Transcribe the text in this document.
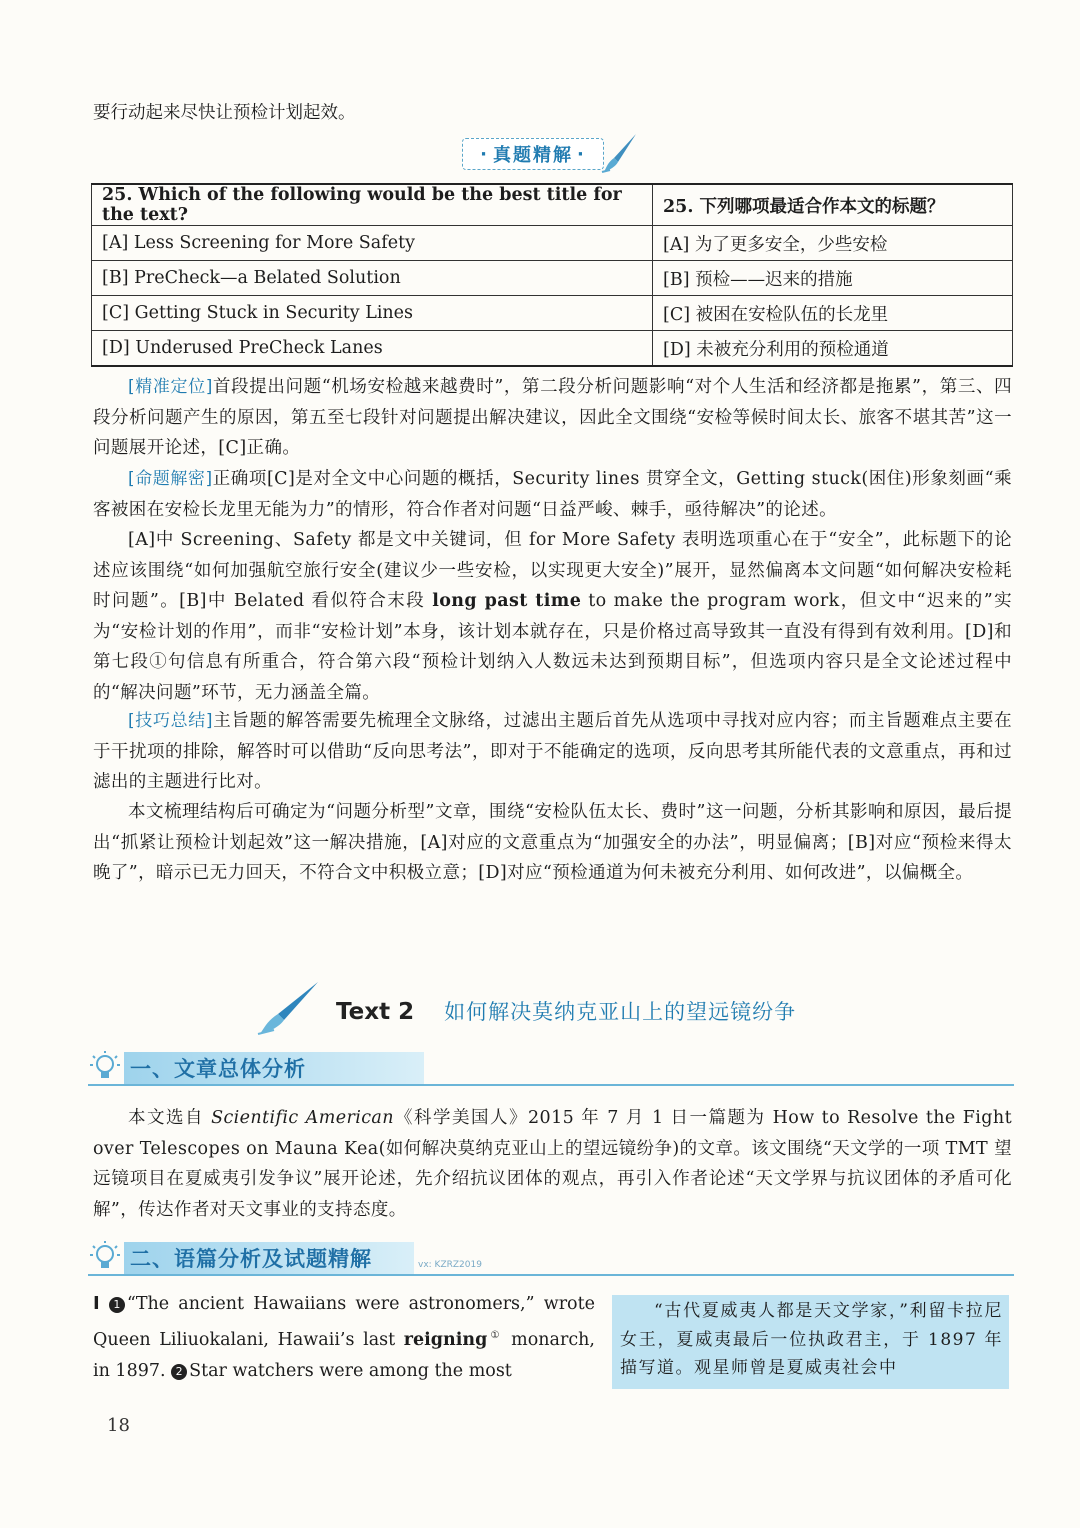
要行动起来尽快让预检计划起效。
· 真题精解 ·
25. Which of the following would be the best title for the text?	25. 下列哪项最适合作本文的标题？
[A] Less Screening for More Safety	[A] 为了更多安全，少些安检
[B] PreCheck—a Belated Solution	[B] 预检——迟来的措施
[C] Getting Stuck in Security Lines	[C] 被困在安检队伍的长龙里
[D] Underused PreCheck Lanes	[D] 未被充分利用的预检通道
[精准定位]首段提出问题“机场安检越来越费时”，第二段分析问题影响“对个人生活和经济都是拖累”，第三、四段分析问题产生的原因，第五至七段针对问题提出解决建议，因此全文围绕“安检等候时间太长、旅客不堪其苦”这一问题展开论述，[C]正确。
[命题解密]正确项[C]是对全文中心问题的概括，Security lines 贯穿全文，Getting stuck(困住)形象刻画“乘客被困在安检长龙里无能为力”的情形，符合作者对问题“日益严峻、棘手，亟待解决”的论述。
[A]中 Screening、Safety 都是文中关键词，但 for More Safety 表明选项重心在于“安全”，此标题下的论述应该围绕“如何加强航空旅行安全(建议少一些安检，以实现更大安全)”展开，显然偏离本文问题“如何解决安检耗时问题”。[B]中 Belated 看似符合末段 long past time to make the program work，但文中“迟来的”实为“安检计划的作用”，而非“安检计划”本身，该计划本就存在，只是价格过高导致其一直没有得到有效利用。[D]和第七段①句信息有所重合，符合第六段“预检计划纳入人数远未达到预期目标”，但选项内容只是全文论述过程中的“解决问题”环节，无力涵盖全篇。
[技巧总结]主旨题的解答需要先梳理全文脉络，过滤出主题后首先从选项中寻找对应内容；而主旨题难点主要在于干扰项的排除，解答时可以借助“反向思考法”，即对于不能确定的选项，反向思考其所能代表的文意重点，再和过滤出的主题进行比对。
本文梳理结构后可确定为“问题分析型”文章，围绕“安检队伍太长、费时”这一问题，分析其影响和原因，最后提出“抓紧让预检计划起效”这一解决措施，[A]对应的文意重点为“加强安全的办法”，明显偏离；[B]对应“预检来得太晚了”，暗示已无力回天，不符合文中积极立意；[D]对应“预检通道为何未被充分利用、如何改进”，以偏概全。
Text 2 如何解决莫纳克亚山上的望远镜纷争
一、文章总体分析
本文选自 Scientific American《科学美国人》2015 年 7 月 1 日一篇题为 How to Resolve the Fight over Telescopes on Mauna Kea(如何解决莫纳克亚山上的望远镜纷争)的文章。该文围绕“天文学的一项 TMT 望远镜项目在夏威夷引发争议”展开论述，先介绍抗议团体的观点，再引入作者论述“天文学界与抗议团体的矛盾可化解”，传达作者对天文事业的支持态度。
二、语篇分析及试题精解	vx: KZRZ2019
I 1 “The ancient Hawaiians were astronomers,” wrote Queen Liliuokalani, Hawaii’s last reigning① monarch, in 1897. 2 Star watchers were among the most
“古代夏威夷人都是天文学家，”利留卡拉尼女王，夏威夷最后一位执政君主，于 1897 年描写道。观星师曾是夏威夷社会中
18
